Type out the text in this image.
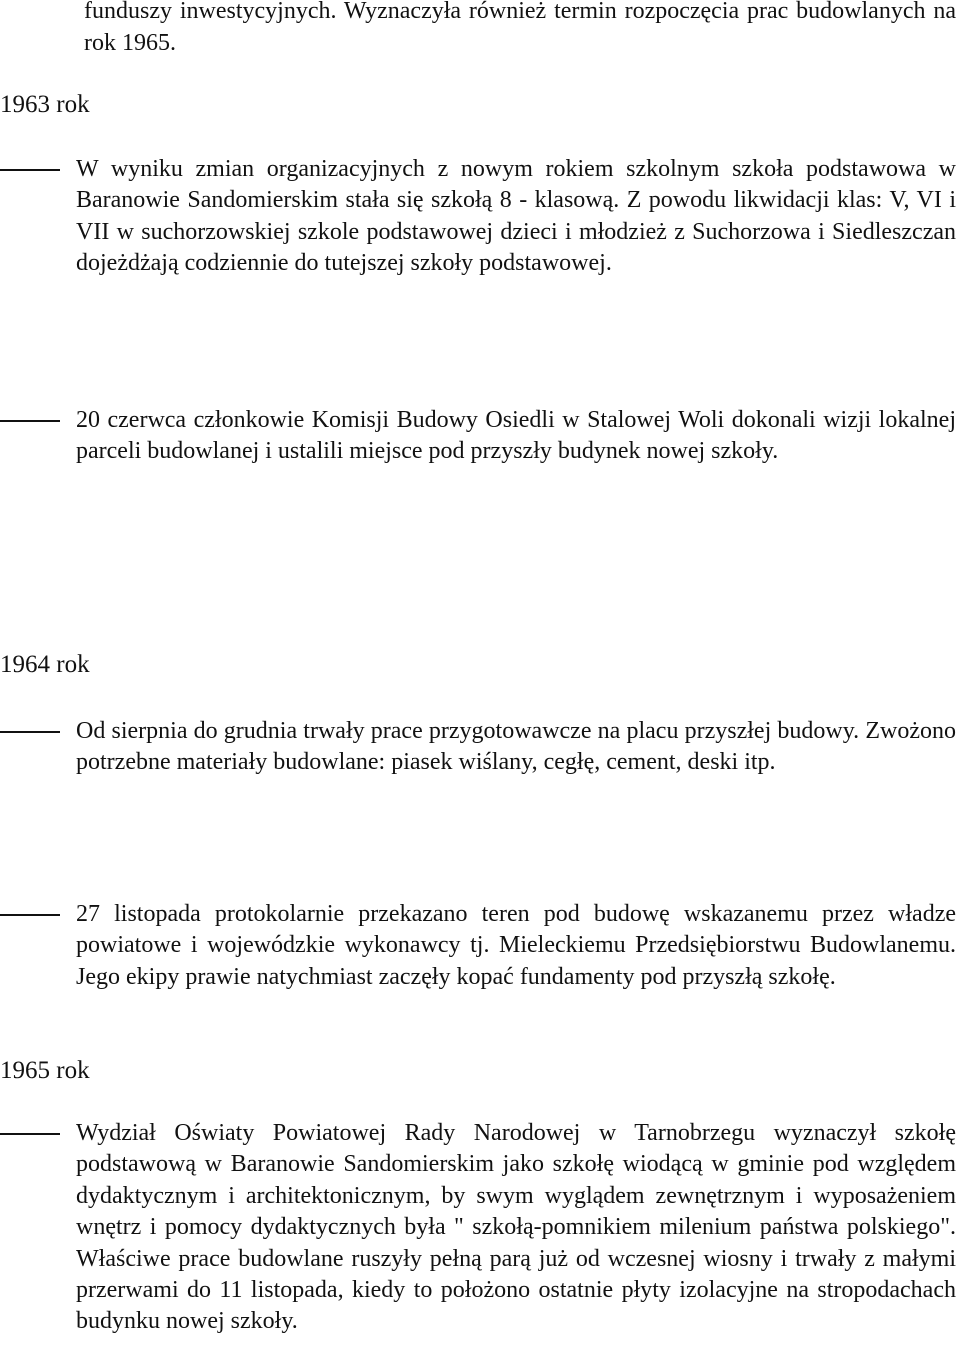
funduszy inwestycyjnych. Wyznaczyła również termin rozpoczęcia prac budowlanych na rok 1965.

1963 rok

W wyniku zmian organizacyjnych z nowym rokiem szkolnym szkoła podstawowa w Baranowie Sandomierskim stała się szkołą 8 - klasową. Z powodu likwidacji klas: V, VI i VII w suchorzowskiej szkole podstawowej dzieci i młodzież z Suchorzowa i Siedleszczan dojeżdżają codziennie do tutejszej szkoły podstawowej.

20 czerwca członkowie Komisji Budowy Osiedli w Stalowej Woli dokonali wizji lokalnej parceli budowlanej i ustalili miejsce pod przyszły budynek nowej szkoły.

1964 rok

Od sierpnia do grudnia trwały prace przygotowawcze na placu przyszłej budowy. Zwożono potrzebne materiały budowlane: piasek wiślany, cegłę, cement, deski itp.

27 listopada protokolarnie przekazano teren pod budowę wskazanemu przez władze powiatowe i wojewódzkie wykonawcy tj. Mieleckiemu Przedsiębiorstwu Budowlanemu. Jego ekipy prawie natychmiast zaczęły kopać fundamenty pod przyszłą szkołę.

1965 rok

Wydział Oświaty Powiatowej Rady Narodowej w Tarnobrzegu wyznaczył szkołę podstawową w Baranowie Sandomierskim jako szkołę wiodącą w gminie pod względem dydaktycznym i architektonicznym, by swym wyglądem zewnętrznym i wyposażeniem wnętrz i pomocy dydaktycznych była " szkołą-pomnikiem milenium państwa polskiego". Właściwe prace budowlane ruszyły pełną parą już od wczesnej wiosny i trwały z małymi przerwami do 11 listopada, kiedy to położono ostatnie płyty izolacyjne na stropodachach budynku nowej szkoły.
